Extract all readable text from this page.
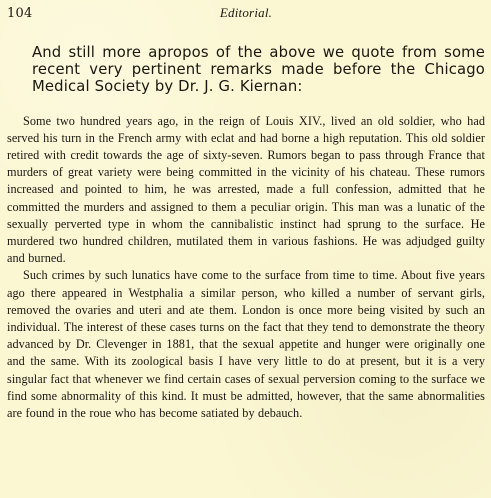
104	Editorial.

And still more apropos of the above we quote from some recent very pertinent remarks made before the Chicago Medical Society by Dr. J. G. Kiernan:

Some two hundred years ago, in the reign of Louis XIV., lived an old soldier, who had served his turn in the French army with eclat and had borne a high reputation. This old soldier retired with credit towards the age of sixty-seven. Rumors began to pass through France that murders of great variety were being committed in the vicinity of his chateau. These rumors increased and pointed to him, he was arrested, made a full confession, admitted that he committed the murders and assigned to them a peculiar origin. This man was a lunatic of the sexually perverted type in whom the cannibalistic instinct had sprung to the surface. He murdered two hundred children, mutilated them in various fashions. He was adjudged guilty and burned.

Such crimes by such lunatics have come to the surface from time to time. About five years ago there appeared in Westphalia a similar person, who killed a number of servant girls, removed the ovaries and uteri and ate them. London is once more being visited by such an individual. The interest of these cases turns on the fact that they tend to demonstrate the theory advanced by Dr. Clevenger in 1881, that the sexual appetite and hunger were originally one and the same. With its zoological basis I have very little to do at present, but it is a very singular fact that whenever we find certain cases of sexual perversion coming to the surface we find some abnormality of this kind. It must be admitted, however, that the same abnormalities are found in the roue who has become satiated by debauch.
